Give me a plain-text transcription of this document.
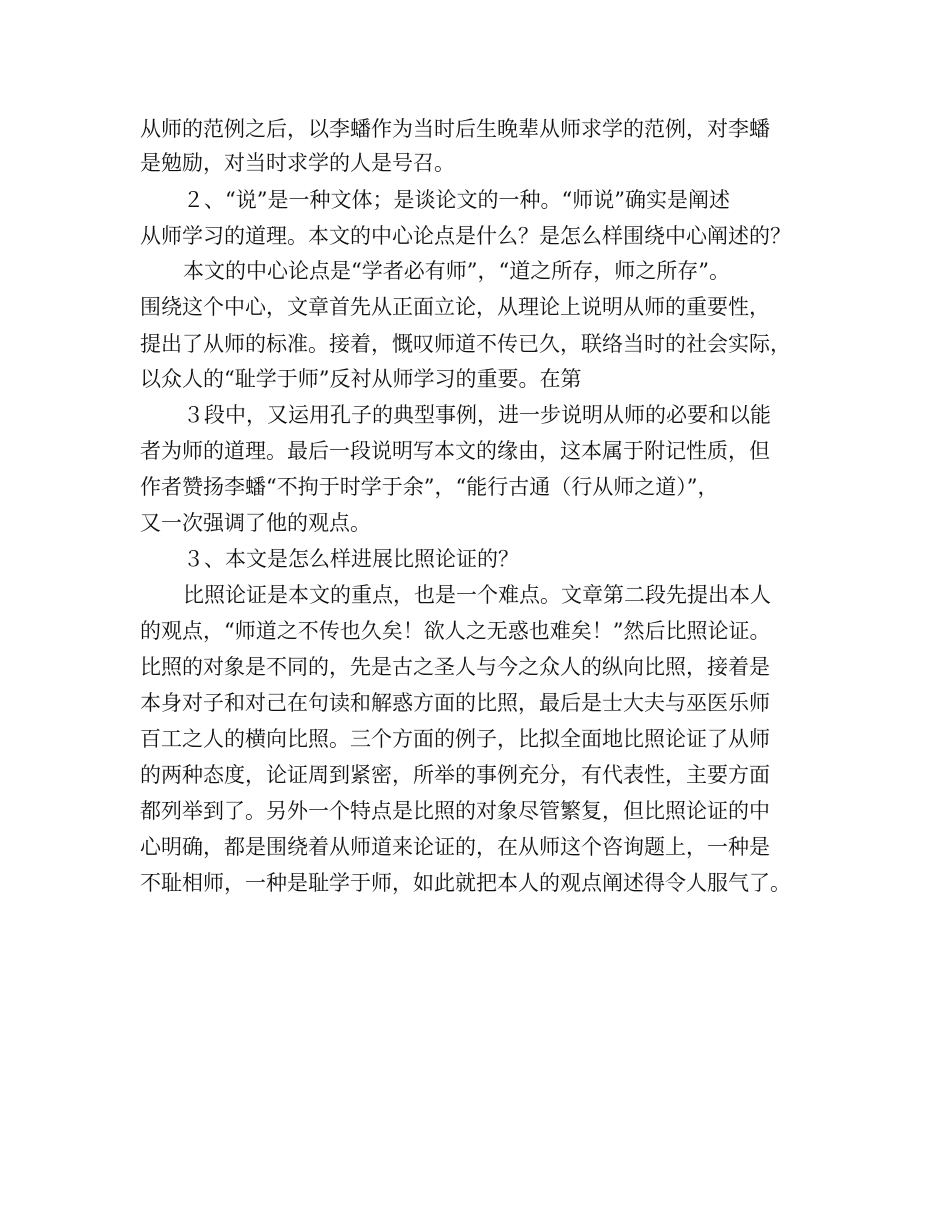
从师的范例之后，以李蟠作为当时后生晚辈从师求学的范例，对李蟠
是勉励，对当时求学的人是号召。
２、“说”是一种文体；是谈论文的一种。“师说”确实是阐述
从师学习的道理。本文的中心论点是什么？是怎么样围绕中心阐述的？
本文的中心论点是“学者必有师”，“道之所存，师之所存”。
围绕这个中心，文章首先从正面立论，从理论上说明从师的重要性，
提出了从师的标准。接着，慨叹师道不传已久，联络当时的社会实际，
以众人的“耻学于师”反衬从师学习的重要。在第
３段中，又运用孔子的典型事例，进一步说明从师的必要和以能
者为师的道理。最后一段说明写本文的缘由，这本属于附记性质，但
作者赞扬李蟠“不拘于时学于余”，“能行古通（行从师之道）”，
又一次强调了他的观点。
３、本文是怎么样进展比照论证的？
比照论证是本文的重点，也是一个难点。文章第二段先提出本人
的观点，“师道之不传也久矣！欲人之无惑也难矣！”然后比照论证。
比照的对象是不同的，先是古之圣人与今之众人的纵向比照，接着是
本身对子和对己在句读和解惑方面的比照，最后是士大夫与巫医乐师
百工之人的横向比照。三个方面的例子，比拟全面地比照论证了从师
的两种态度，论证周到紧密，所举的事例充分，有代表性，主要方面
都列举到了。另外一个特点是比照的对象尽管繁复，但比照论证的中
心明确，都是围绕着从师道来论证的，在从师这个咨询题上，一种是
不耻相师，一种是耻学于师，如此就把本人的观点阐述得令人服气了。
